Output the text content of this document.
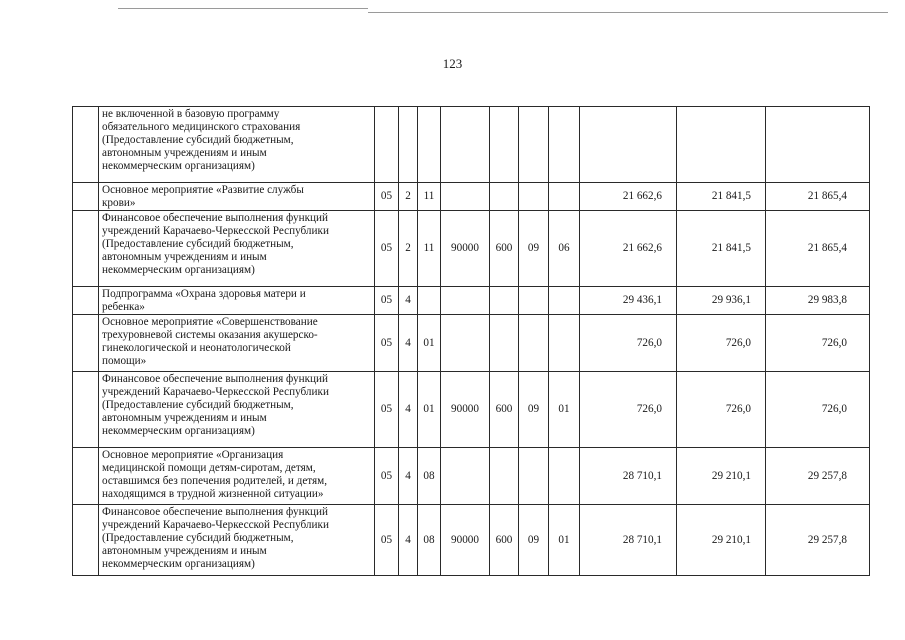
123

	не включенной в базовую программу
обязательного медицинского страхования
(Предоставление субсидий бюджетным,
автономным учреждениям и иным
некоммерческим организациям)										

	Основное мероприятие «Развитие службы
крови»	05	2	11					21 662,6	21 841,5	21 865,4

	Финансовое обеспечение выполнения функций
учреждений Карачаево-Черкесской Республики
(Предоставление субсидий бюджетным,
автономным учреждениям и иным
некоммерческим организациям)	05	2	11	90000	600	09	06	21 662,6	21 841,5	21 865,4

	Подпрограмма «Охрана здоровья матери и
ребенка»	05	4						29 436,1	29 936,1	29 983,8

	Основное мероприятие «Совершенствование
трехуровневой системы оказания акушерско-
гинекологической и неонатологической
помощи»	05	4	01					726,0	726,0	726,0

	Финансовое обеспечение выполнения функций
учреждений Карачаево-Черкесской Республики
(Предоставление субсидий бюджетным,
автономным учреждениям и иным
некоммерческим организациям)	05	4	01	90000	600	09	01	726,0	726,0	726,0

	Основное мероприятие «Организация
медицинской помощи детям-сиротам, детям,
оставшимся без попечения родителей, и детям,
находящимся в трудной жизненной ситуации»	05	4	08					28 710,1	29 210,1	29 257,8

	Финансовое обеспечение выполнения функций
учреждений Карачаево-Черкесской Республики
(Предоставление субсидий бюджетным,
автономным учреждениям и иным
некоммерческим организациям)	05	4	08	90000	600	09	01	28 710,1	29 210,1	29 257,8
